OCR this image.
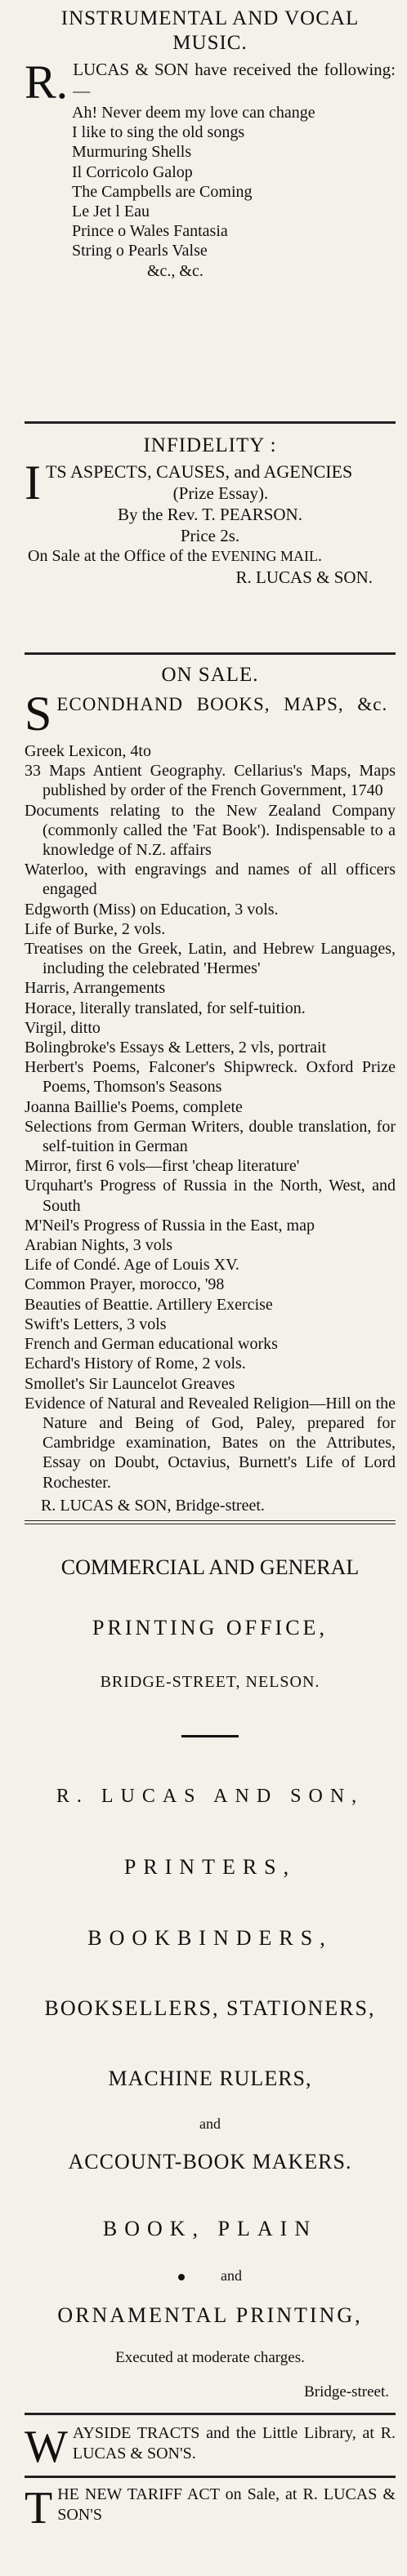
INSTRUMENTAL AND VOCAL
MUSIC.
R. LUCAS & SON have received the following:—
Ah! Never deem my love can change
I like to sing the old songs
Murmuring Shells
Il Corricolo Galop
The Campbells are Coming
Le Jet l Eau
Prince o Wales Fantasia
String o Pearls Valse
&c., &c.
INFIDELITY :
I TS ASPECTS, CAUSES, and AGENCIES
(Prize Essay).
By the Rev. T. PEARSON.
Price 2s.
On Sale at the Office of the EVENING MAIL.
R. LUCAS & SON.
ON SALE.
S ECONDHAND BOOKS, MAPS, &c.
Greek Lexicon, 4to
33 Maps Antient Geography. Cellarius's Maps, Maps published by order of the French Government, 1740
Documents relating to the New Zealand Company (commonly called the 'Fat Book'). Indispensable to a knowledge of N.Z. affairs
Waterloo, with engravings and names of all officers engaged
Edgworth (Miss) on Education, 3 vols.
Life of Burke, 2 vols.
Treatises on the Greek, Latin, and Hebrew Languages, including the celebrated 'Hermes'
Harris, Arrangements
Horace, literally translated, for self-tuition.
Virgil, ditto
Bolingbroke's Essays & Letters, 2 vls, portrait
Herbert's Poems, Falconer's Shipwreck. Oxford Prize Poems, Thomson's Seasons
Joanna Baillie's Poems, complete
Selections from German Writers, double translation, for self-tuition in German
Mirror, first 6 vols—first 'cheap literature'
Urquhart's Progress of Russia in the North, West, and South
M'Neil's Progress of Russia in the East, map
Arabian Nights, 3 vols
Life of Condé. Age of Louis XV.
Common Prayer, morocco, '98
Beauties of Beattie. Artillery Exercise
Swift's Letters, 3 vols
French and German educational works
Echard's History of Rome, 2 vols.
Smollet's Sir Launcelot Greaves
Evidence of Natural and Revealed Religion—Hill on the Nature and Being of God, Paley, prepared for Cambridge examination, Bates on the Attributes, Essay on Doubt, Octavius, Burnett's Life of Lord Rochester.
R. LUCAS & SON, Bridge-street.
COMMERCIAL AND GENERAL
PRINTING OFFICE,
BRIDGE-STREET, NELSON.
R. LUCAS AND SON,
PRINTERS,
BOOKBINDERS,
BOOKSELLERS, STATIONERS,
MACHINE RULERS,
and
ACCOUNT-BOOK MAKERS.
BOOK, PLAIN
and
ORNAMENTAL PRINTING,
Executed at moderate charges.
Bridge-street.
W AYSIDE TRACTS and the Little Library, at R. LUCAS & SON'S.
T HE NEW TARIFF ACT on Sale, at R. LUCAS & SON'S
